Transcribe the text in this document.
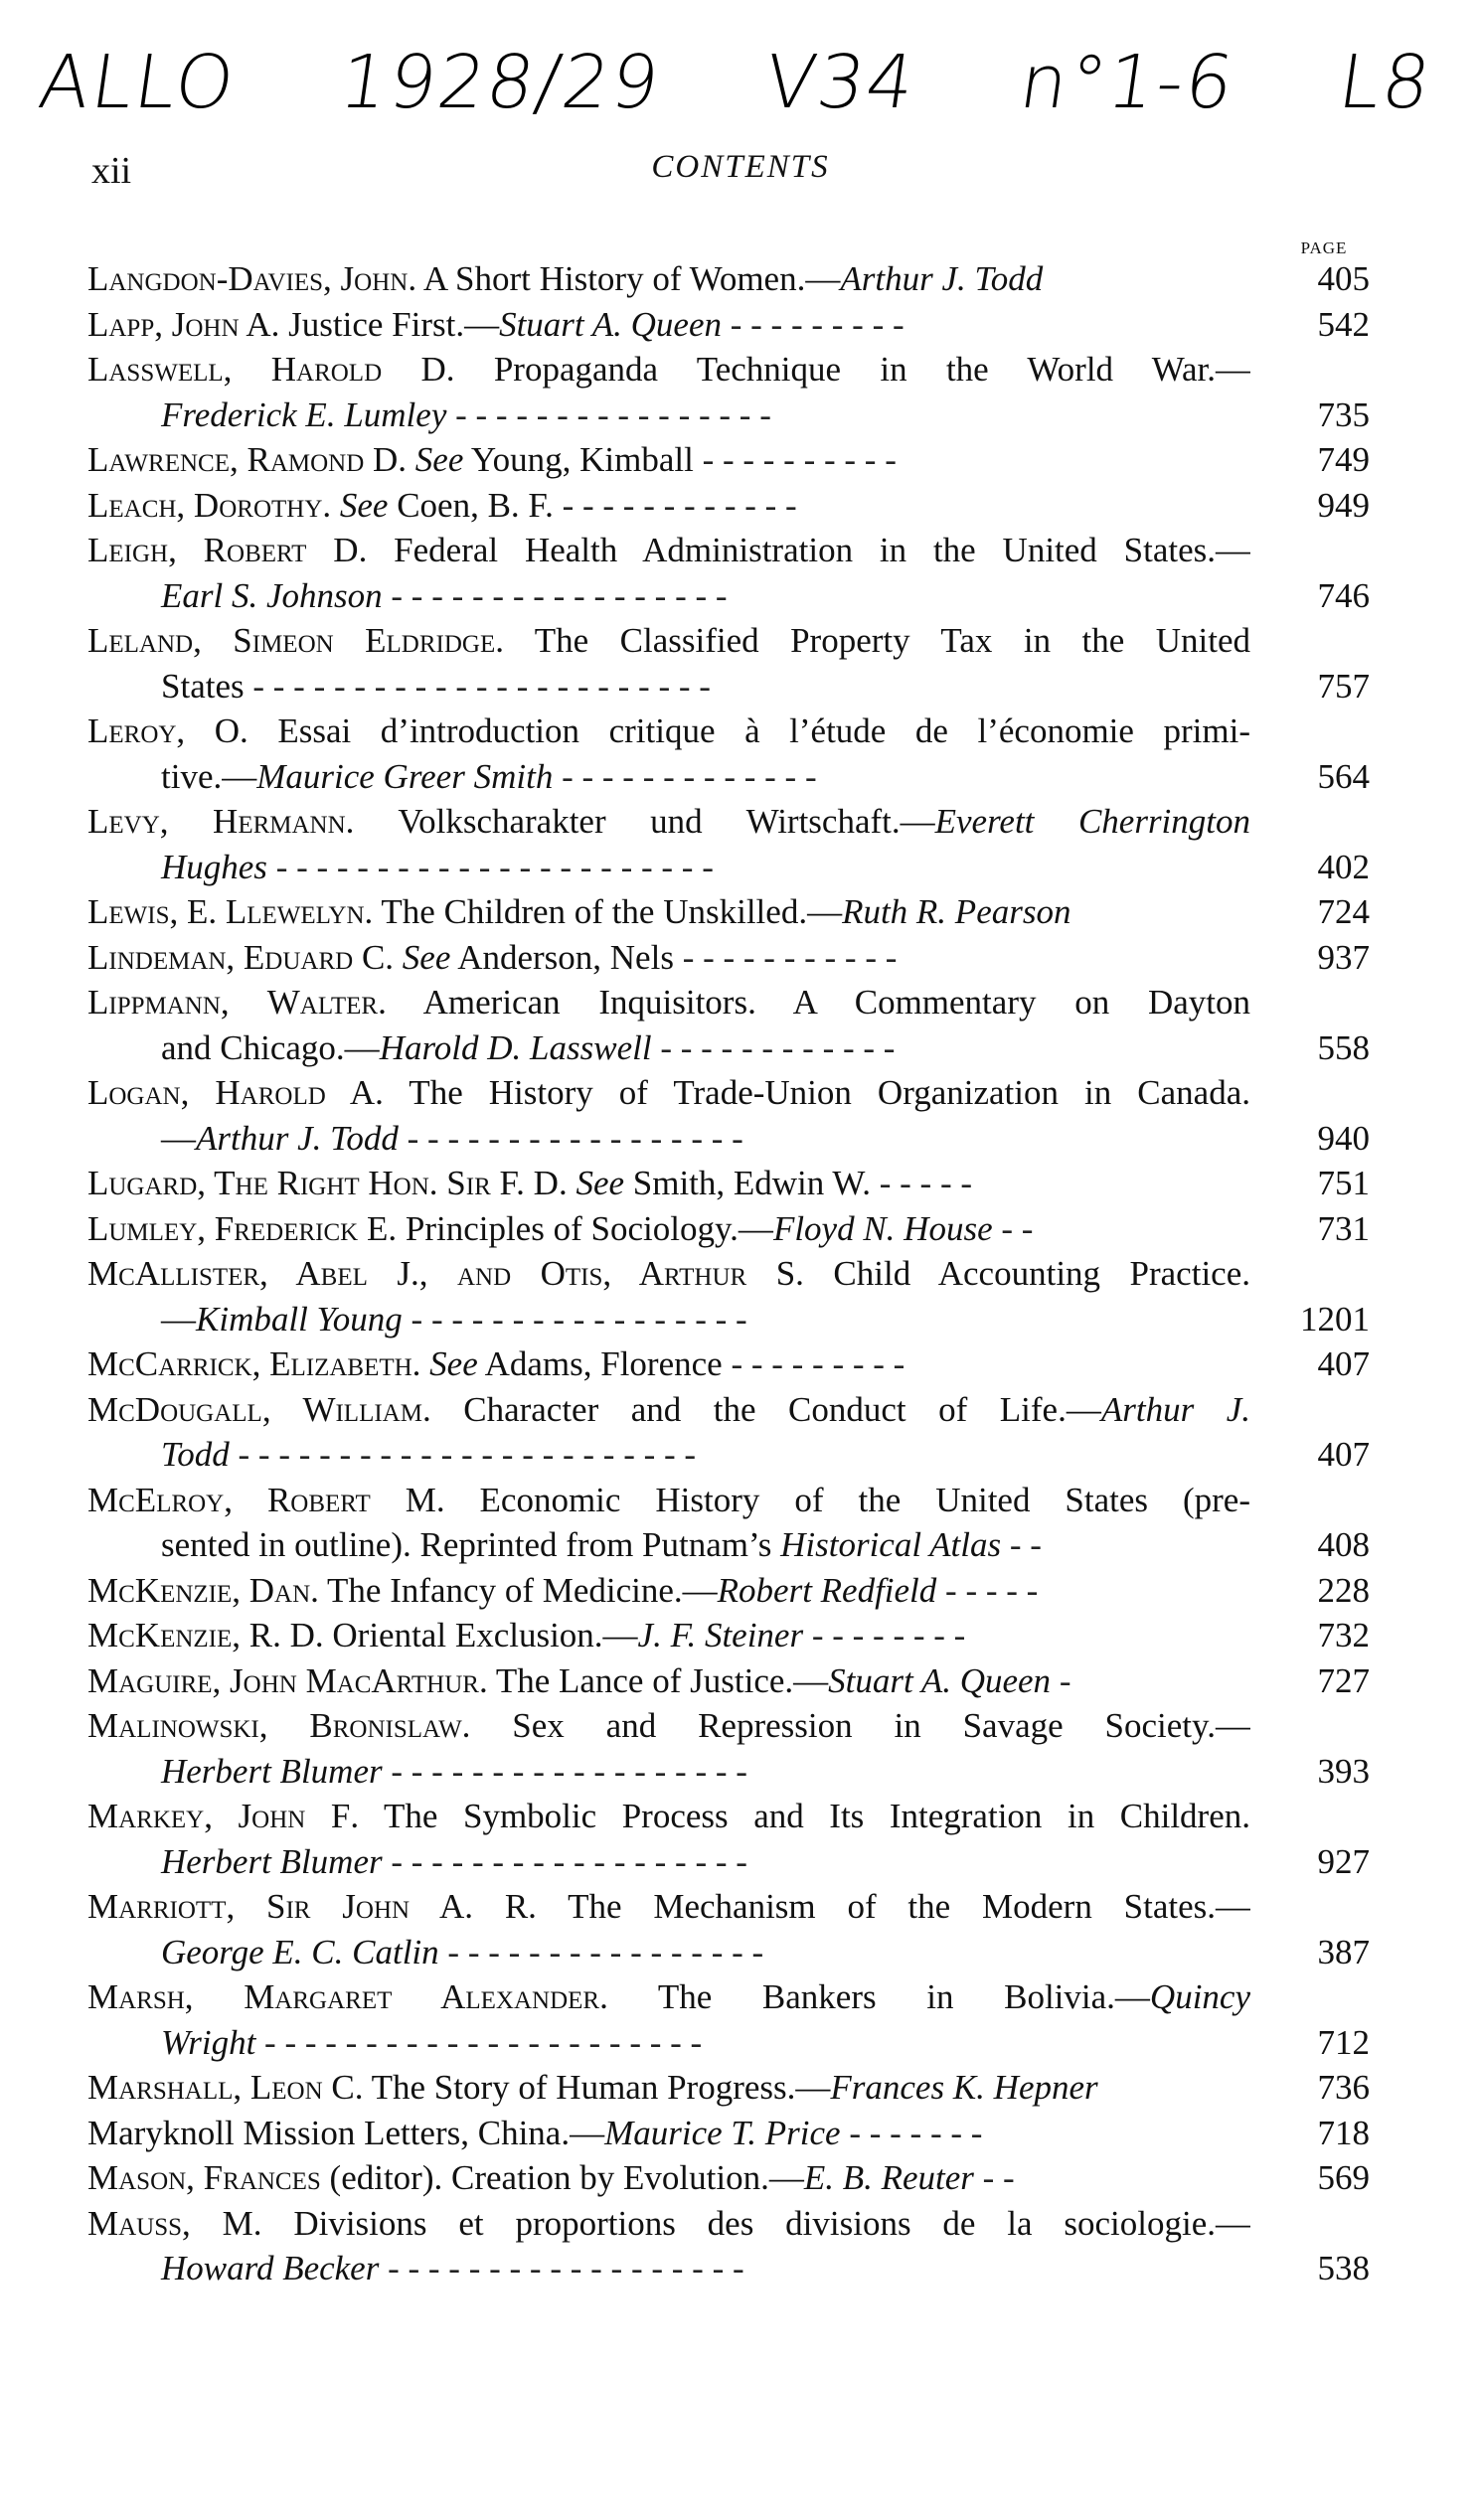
ALLO 1928/29 V34 n°1-6 L8
xii	CONTENTS
PAGE
Langdon-Davies, John. A Short History of Women.—Arthur J. Todd	405
Lapp, John A. Justice First.—Stuart A. Queen - - - - - - - - -	542
Lasswell, Harold D. Propaganda Technique in the World War.—
Frederick E. Lumley - - - - - - - - - - - - - - - -	735
Lawrence, Ramond D. See Young, Kimball - - - - - - - - - -	749
Leach, Dorothy. See Coen, B. F. - - - - - - - - - - - -	949
Leigh, Robert D. Federal Health Administration in the United States.—
Earl S. Johnson - - - - - - - - - - - - - - - - -	746
Leland, Simeon Eldridge. The Classified Property Tax in the United
States - - - - - - - - - - - - - - - - - - - - - - -	757
Leroy, O. Essai d’introduction critique à l’étude de l’économie primi-
tive.—Maurice Greer Smith - - - - - - - - - - - - -	564
Levy, Hermann. Volkscharakter und Wirtschaft.—Everett Cherrington
Hughes - - - - - - - - - - - - - - - - - - - - - -	402
Lewis, E. Llewelyn. The Children of the Unskilled.—Ruth R. Pearson	724
Lindeman, Eduard C. See Anderson, Nels - - - - - - - - - - -	937
Lippmann, Walter. American Inquisitors. A Commentary on Dayton
and Chicago.—Harold D. Lasswell - - - - - - - - - - - -	558
Logan, Harold A. The History of Trade-Union Organization in Canada.
—Arthur J. Todd - - - - - - - - - - - - - - - - -	940
Lugard, The Right Hon. Sir F. D. See Smith, Edwin W. - - - - -	751
Lumley, Frederick E. Principles of Sociology.—Floyd N. House - -	731
McAllister, Abel J., and Otis, Arthur S. Child Accounting Practice.
—Kimball Young - - - - - - - - - - - - - - - - -	1201
McCarrick, Elizabeth. See Adams, Florence - - - - - - - - -	407
McDougall, William. Character and the Conduct of Life.—Arthur J.
Todd - - - - - - - - - - - - - - - - - - - - - - -	407
McElroy, Robert M. Economic History of the United States (pre-
sented in outline). Reprinted from Putnam’s Historical Atlas - -	408
McKenzie, Dan. The Infancy of Medicine.—Robert Redfield - - - - -	228
McKenzie, R. D. Oriental Exclusion.—J. F. Steiner - - - - - - - -	732
Maguire, John MacArthur. The Lance of Justice.—Stuart A. Queen -	727
Malinowski, Bronislaw. Sex and Repression in Savage Society.—
Herbert Blumer - - - - - - - - - - - - - - - - - -	393
Markey, John F. The Symbolic Process and Its Integration in Children.
Herbert Blumer - - - - - - - - - - - - - - - - - -	927
Marriott, Sir John A. R. The Mechanism of the Modern States.—
George E. C. Catlin - - - - - - - - - - - - - - - -	387
Marsh, Margaret Alexander. The Bankers in Bolivia.—Quincy
Wright - - - - - - - - - - - - - - - - - - - - - -	712
Marshall, Leon C. The Story of Human Progress.—Frances K. Hepner	736
Maryknoll Mission Letters, China.—Maurice T. Price - - - - - - -	718
Mason, Frances (editor). Creation by Evolution.—E. B. Reuter - -	569
Mauss, M. Divisions et proportions des divisions de la sociologie.—
Howard Becker - - - - - - - - - - - - - - - - - -	538
